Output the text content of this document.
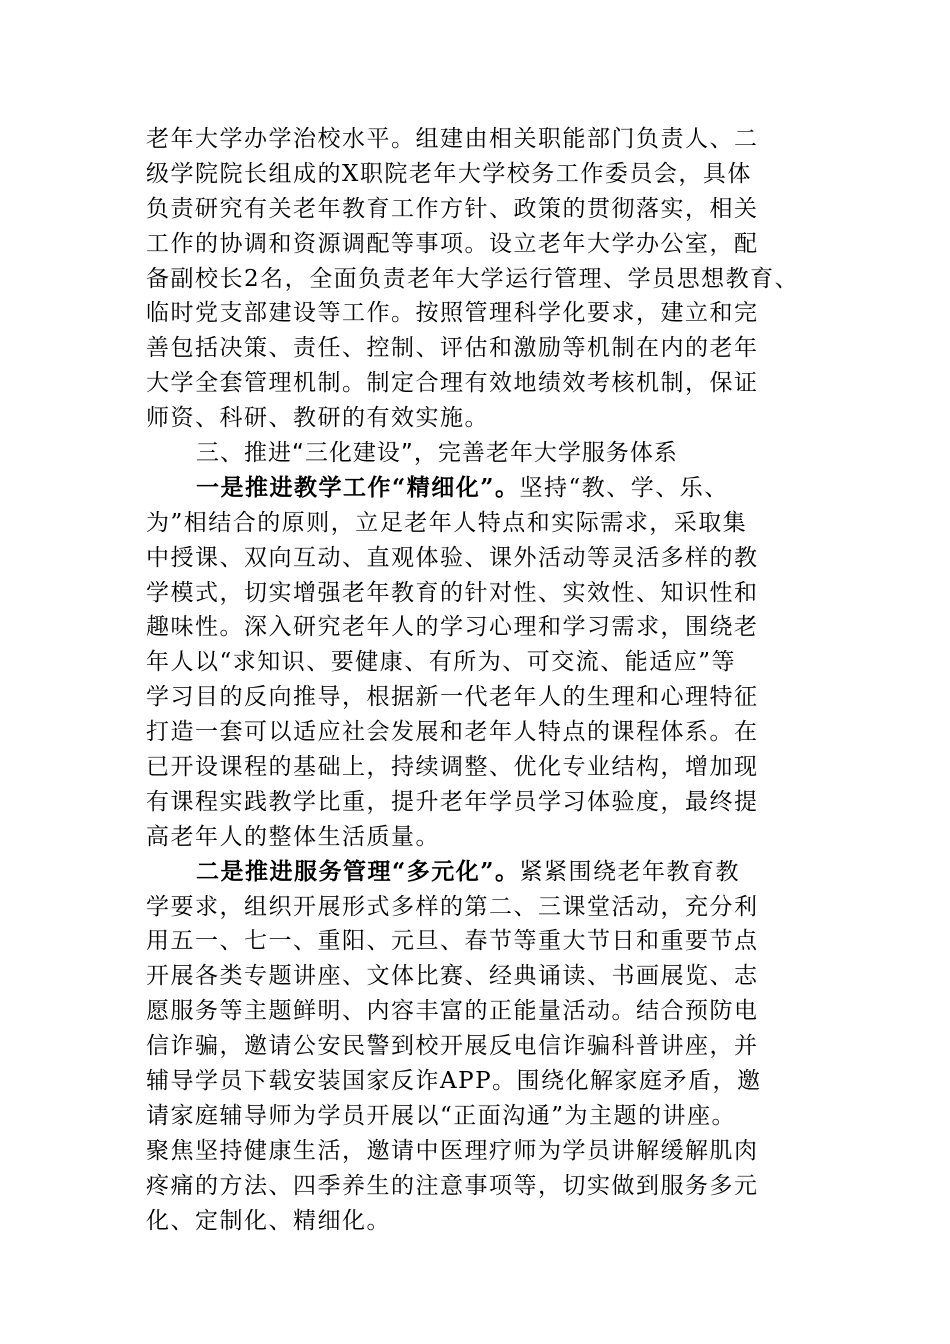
老年大学办学治校水平。组建由相关职能部门负责人、二
级学院院长组成的X职院老年大学校务工作委员会，具体
负责研究有关老年教育工作方针、政策的贯彻落实，相关
工作的协调和资源调配等事项。设立老年大学办公室，配
备副校长2名，全面负责老年大学运行管理、学员思想教育、
临时党支部建设等工作。按照管理科学化要求，建立和完
善包括决策、责任、控制、评估和激励等机制在内的老年
大学全套管理机制。制定合理有效地绩效考核机制，保证
师资、科研、教研的有效实施。
三、推进“三化建设”，完善老年大学服务体系
一是推进教学工作“精细化”。坚持“教、学、乐、
为”相结合的原则，立足老年人特点和实际需求，采取集
中授课、双向互动、直观体验、课外活动等灵活多样的教
学模式，切实增强老年教育的针对性、实效性、知识性和
趣味性。深入研究老年人的学习心理和学习需求，围绕老
年人以“求知识、要健康、有所为、可交流、能适应”等
学习目的反向推导，根据新一代老年人的生理和心理特征
打造一套可以适应社会发展和老年人特点的课程体系。在
已开设课程的基础上，持续调整、优化专业结构，增加现
有课程实践教学比重，提升老年学员学习体验度，最终提
高老年人的整体生活质量。
二是推进服务管理“多元化”。紧紧围绕老年教育教
学要求，组织开展形式多样的第二、三课堂活动，充分利
用五一、七一、重阳、元旦、春节等重大节日和重要节点
开展各类专题讲座、文体比赛、经典诵读、书画展览、志
愿服务等主题鲜明、内容丰富的正能量活动。结合预防电
信诈骗，邀请公安民警到校开展反电信诈骗科普讲座，并
辅导学员下载安装国家反诈APP。围绕化解家庭矛盾，邀
请家庭辅导师为学员开展以“正面沟通”为主题的讲座。
聚焦坚持健康生活，邀请中医理疗师为学员讲解缓解肌肉
疼痛的方法、四季养生的注意事项等，切实做到服务多元
化、定制化、精细化。
